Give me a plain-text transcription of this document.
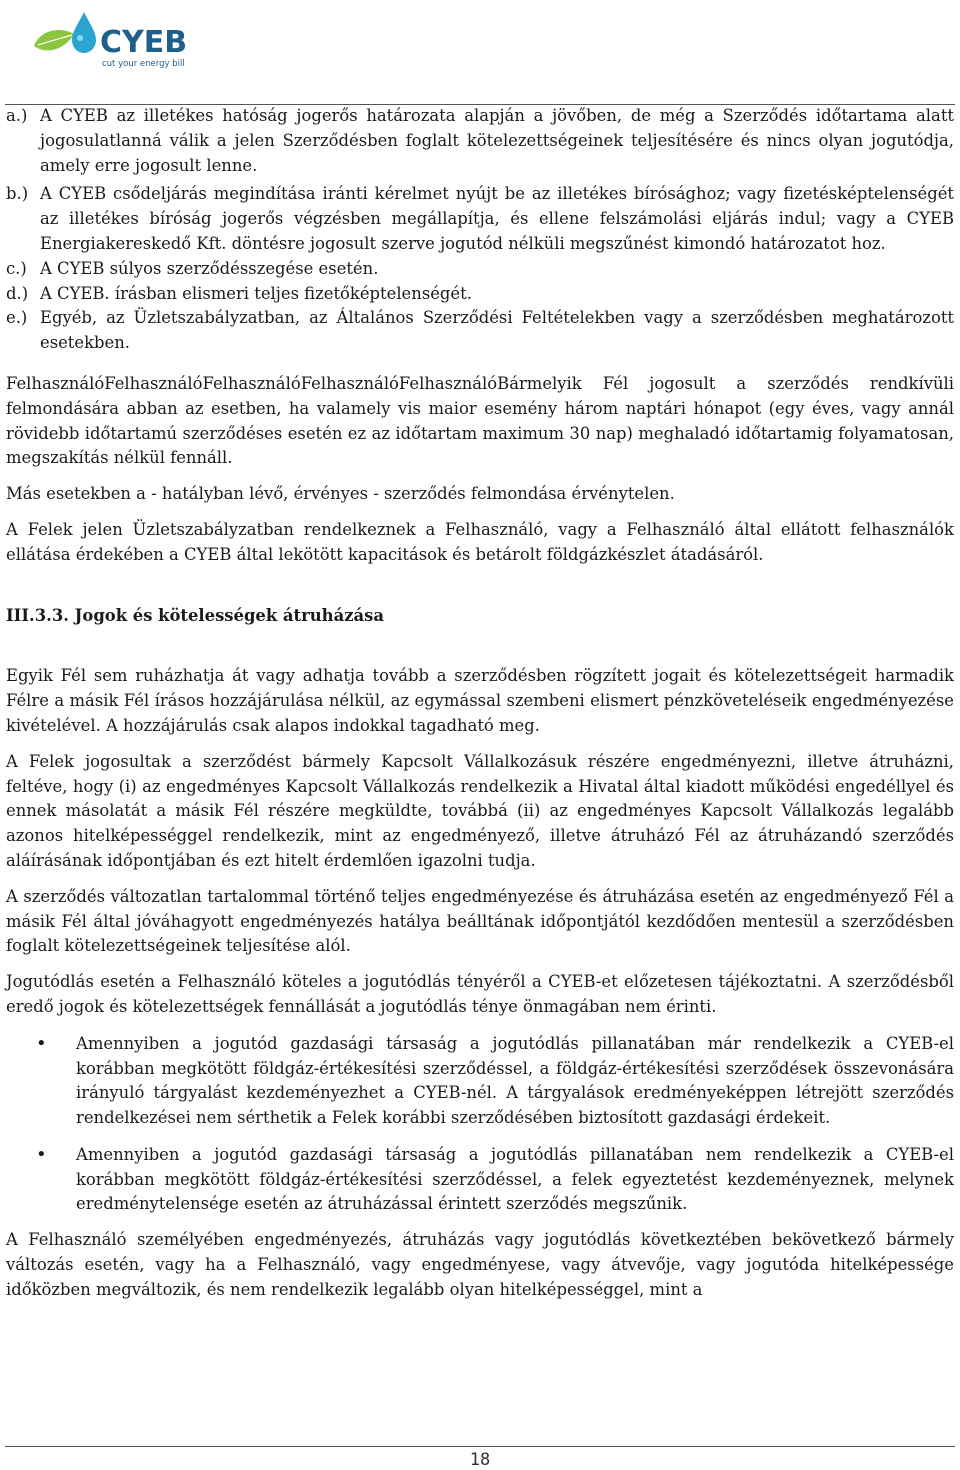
CYEB
cut your energy bill
a.) A CYEB az illetékes hatóság jogerős határozata alapján a jövőben, de még a Szerződés időtartama alatt jogosulatlanná válik a jelen Szerződésben foglalt kötelezettségeinek teljesítésére és nincs olyan jogutódja, amely erre jogosult lenne.
b.) A CYEB csődeljárás megindítása iránti kérelmet nyújt be az illetékes bírósághoz; vagy fizetésképtelenségét az illetékes bíróság jogerős végzésben megállapítja, és ellene felszámolási eljárás indul; vagy a CYEB Energiakereskedő Kft. döntésre jogosult szerve jogutód nélküli megszűnést kimondó határozatot hoz.
c.) A CYEB súlyos szerződésszegése esetén.
d.) A CYEB. írásban elismeri teljes fizetőképtelenségét.
e.) Egyéb, az Üzletszabályzatban, az Általános Szerződési Feltételekben vagy a szerződésben meghatározott esetekben.

FelhasználóFelhasználóFelhasználóFelhasználóFelhasználóBármelyik Fél jogosult a szerződés rendkívüli felmondására abban az esetben, ha valamely vis maior esemény három naptári hónapot (egy éves, vagy annál rövidebb időtartamú szerződéses esetén ez az időtartam maximum 30 nap) meghaladó időtartamig folyamatosan, megszakítás nélkül fennáll.

Más esetekben a - hatályban lévő, érvényes - szerződés felmondása érvénytelen.

A Felek jelen Üzletszabályzatban rendelkeznek a Felhasználó, vagy a Felhasználó által ellátott felhasználók ellátása érdekében a CYEB által lekötött kapacitások és betárolt földgázkészlet átadásáról.

III.3.3. Jogok és kötelességek átruházása

Egyik Fél sem ruházhatja át vagy adhatja tovább a szerződésben rögzített jogait és kötelezettségeit harmadik Félre a másik Fél írásos hozzájárulása nélkül, az egymással szembeni elismert pénzköveteléseik engedményezése kivételével. A hozzájárulás csak alapos indokkal tagadható meg.

A Felek jogosultak a szerződést bármely Kapcsolt Vállalkozásuk részére engedményezni, illetve átruházni, feltéve, hogy (i) az engedményes Kapcsolt Vállalkozás rendelkezik a Hivatal által kiadott működési engedéllyel és ennek másolatát a másik Fél részére megküldte, továbbá (ii) az engedményes Kapcsolt Vállalkozás legalább azonos hitelképességgel rendelkezik, mint az engedményező, illetve átruházó Fél az átruházandó szerződés aláírásának időpontjában és ezt hitelt érdemlően igazolni tudja.

A szerződés változatlan tartalommal történő teljes engedményezése és átruházása esetén az engedményező Fél a másik Fél által jóváhagyott engedményezés hatálya beálltának időpontjától kezdődően mentesül a szerződésben foglalt kötelezettségeinek teljesítése alól.

Jogutódlás esetén a Felhasználó köteles a jogutódlás tényéről a CYEB-et előzetesen tájékoztatni. A szerződésből eredő jogok és kötelezettségek fennállását a jogutódlás ténye önmagában nem érinti.

•	Amennyiben a jogutód gazdasági társaság a jogutódlás pillanatában már rendelkezik a CYEB-el korábban megkötött földgáz-értékesítési szerződéssel, a földgáz-értékesítési szerződések összevonására irányuló tárgyalást kezdeményezhet a CYEB-nél. A tárgyalások eredményeképpen létrejött szerződés rendelkezései nem sérthetik a Felek korábbi szerződésében biztosított gazdasági érdekeit.
•	Amennyiben a jogutód gazdasági társaság a jogutódlás pillanatában nem rendelkezik a CYEB-el korábban megkötött földgáz-értékesítési szerződéssel, a felek egyeztetést kezdeményeznek, melynek eredménytelensége esetén az átruházással érintett szerződés megszűnik.

A Felhasználó személyében engedményezés, átruházás vagy jogutódlás következtében bekövetkező bármely változás esetén, vagy ha a Felhasználó, vagy engedményese, vagy átvevője, vagy jogutóda hitelképessége időközben megváltozik, és nem rendelkezik legalább olyan hitelképességgel, mint a

18
